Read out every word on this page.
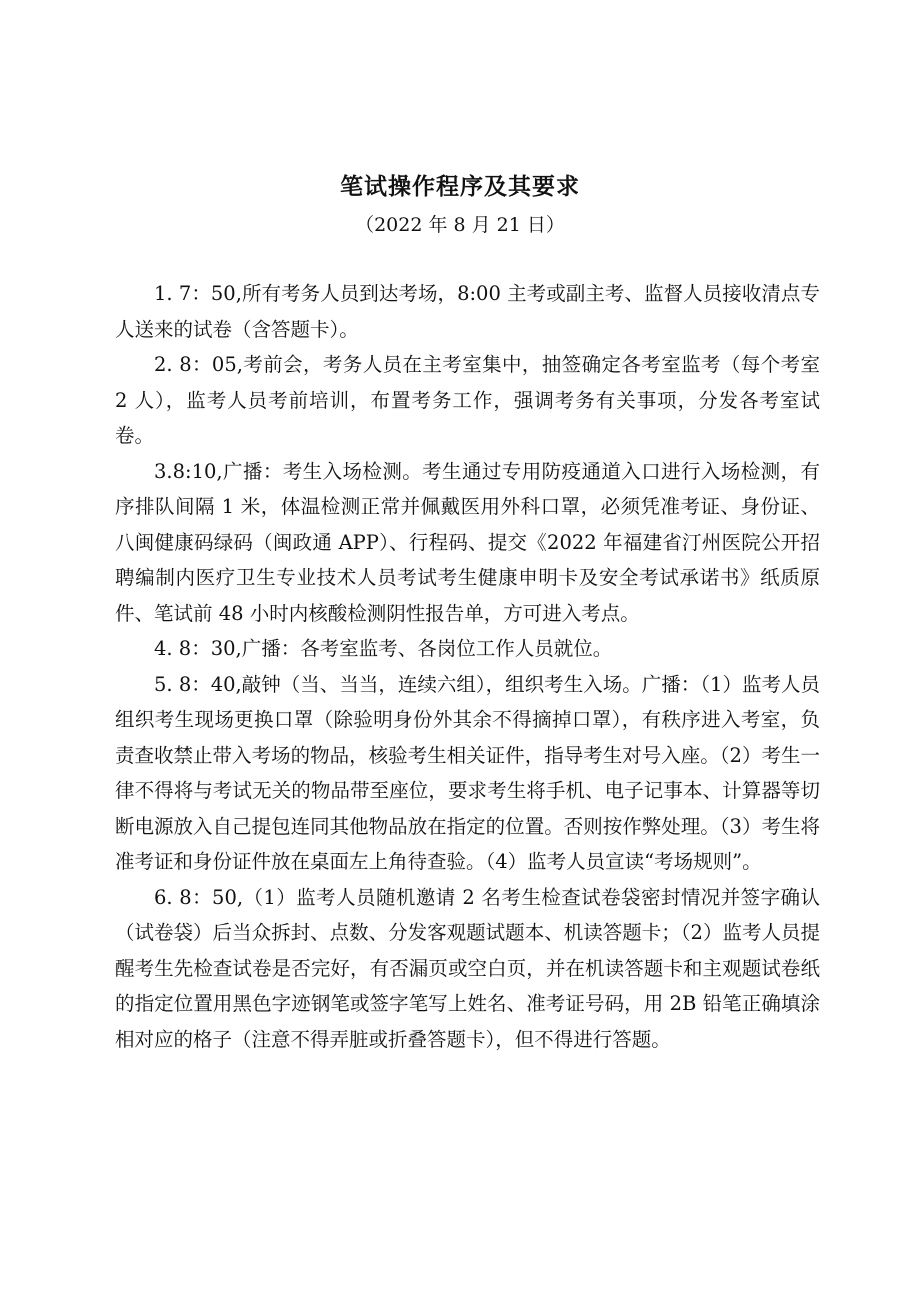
笔试操作程序及其要求
（2022 年 8 月 21 日）

1. 7：50,所有考务人员到达考场，8:00 主考或副主考、监督人员接收清点专人送来的试卷（含答题卡）。

2. 8：05,考前会，考务人员在主考室集中，抽签确定各考室监考（每个考室 2 人），监考人员考前培训，布置考务工作，强调考务有关事项，分发各考室试卷。

3.8:10,广播：考生入场检测。考生通过专用防疫通道入口进行入场检测，有序排队间隔 1 米，体温检测正常并佩戴医用外科口罩，必须凭准考证、身份证、八闽健康码绿码（闽政通 APP）、行程码、提交《2022 年福建省汀州医院公开招聘编制内医疗卫生专业技术人员考试考生健康申明卡及安全考试承诺书》纸质原件、笔试前 48 小时内核酸检测阴性报告单，方可进入考点。

4. 8：30,广播：各考室监考、各岗位工作人员就位。

5. 8：40,敲钟（当、当当，连续六组），组织考生入场。广播：（1）监考人员组织考生现场更换口罩（除验明身份外其余不得摘掉口罩），有秩序进入考室，负责查收禁止带入考场的物品，核验考生相关证件，指导考生对号入座。（2）考生一律不得将与考试无关的物品带至座位，要求考生将手机、电子记事本、计算器等切断电源放入自己提包连同其他物品放在指定的位置。否则按作弊处理。（3）考生将准考证和身份证件放在桌面左上角待查验。（4）监考人员宣读“考场规则”。

6. 8：50,（1）监考人员随机邀请 2 名考生检查试卷袋密封情况并签字确认（试卷袋）后当众拆封、点数、分发客观题试题本、机读答题卡；（2）监考人员提醒考生先检查试卷是否完好，有否漏页或空白页，并在机读答题卡和主观题试卷纸的指定位置用黑色字迹钢笔或签字笔写上姓名、准考证号码，用 2B 铅笔正确填涂相对应的格子（注意不得弄脏或折叠答题卡），但不得进行答题。
